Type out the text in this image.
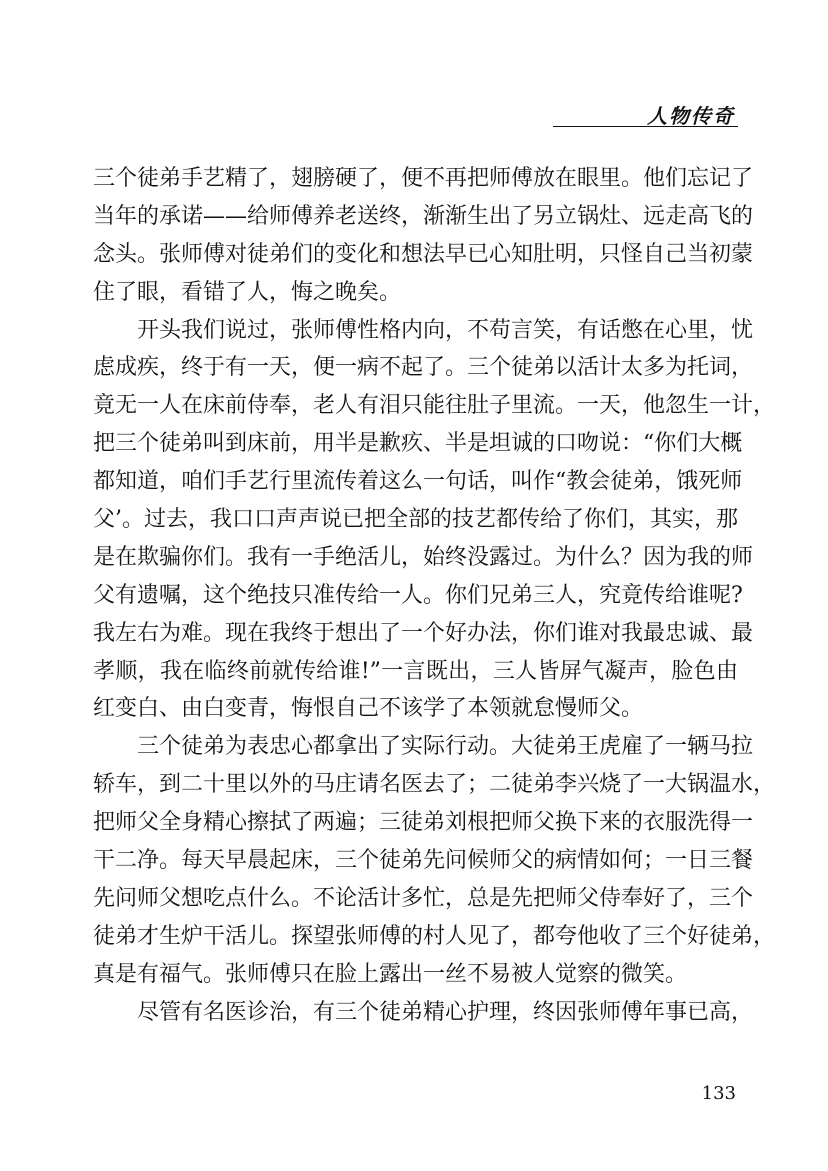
人物传奇
三个徒弟手艺精了，翅膀硬了，便不再把师傅放在眼里。他们忘记了
当年的承诺——给师傅养老送终，渐渐生出了另立锅灶、远走高飞的
念头。张师傅对徒弟们的变化和想法早已心知肚明，只怪自己当初蒙
住了眼，看错了人，悔之晚矣。
开头我们说过，张师傅性格内向，不苟言笑，有话憋在心里，忧
虑成疾，终于有一天，便一病不起了。三个徒弟以活计太多为托词，
竟无一人在床前侍奉，老人有泪只能往肚子里流。一天，他忽生一计，
把三个徒弟叫到床前，用半是歉疚、半是坦诚的口吻说：“你们大概
都知道，咱们手艺行里流传着这么一句话，叫作“教会徒弟，饿死师
父’。过去，我口口声声说已把全部的技艺都传给了你们，其实，那
是在欺骗你们。我有一手绝活儿，始终没露过。为什么？因为我的师
父有遗嘱，这个绝技只准传给一人。你们兄弟三人，究竟传给谁呢?
我左右为难。现在我终于想出了一个好办法，你们谁对我最忠诚、最
孝顺，我在临终前就传给谁!”一言既出，三人皆屏气凝声，脸色由
红变白、由白变青，悔恨自己不该学了本领就怠慢师父。
三个徒弟为表忠心都拿出了实际行动。大徒弟王虎雇了一辆马拉
轿车，到二十里以外的马庄请名医去了；二徒弟李兴烧了一大锅温水，
把师父全身精心擦拭了两遍；三徒弟刘根把师父换下来的衣服洗得一
干二净。每天早晨起床，三个徒弟先问候师父的病情如何；一日三餐
先问师父想吃点什么。不论活计多忙，总是先把师父侍奉好了，三个
徒弟才生炉干活儿。探望张师傅的村人见了，都夸他收了三个好徒弟，
真是有福气。张师傅只在脸上露出一丝不易被人觉察的微笑。
尽管有名医诊治，有三个徒弟精心护理，终因张师傅年事已高，
133
